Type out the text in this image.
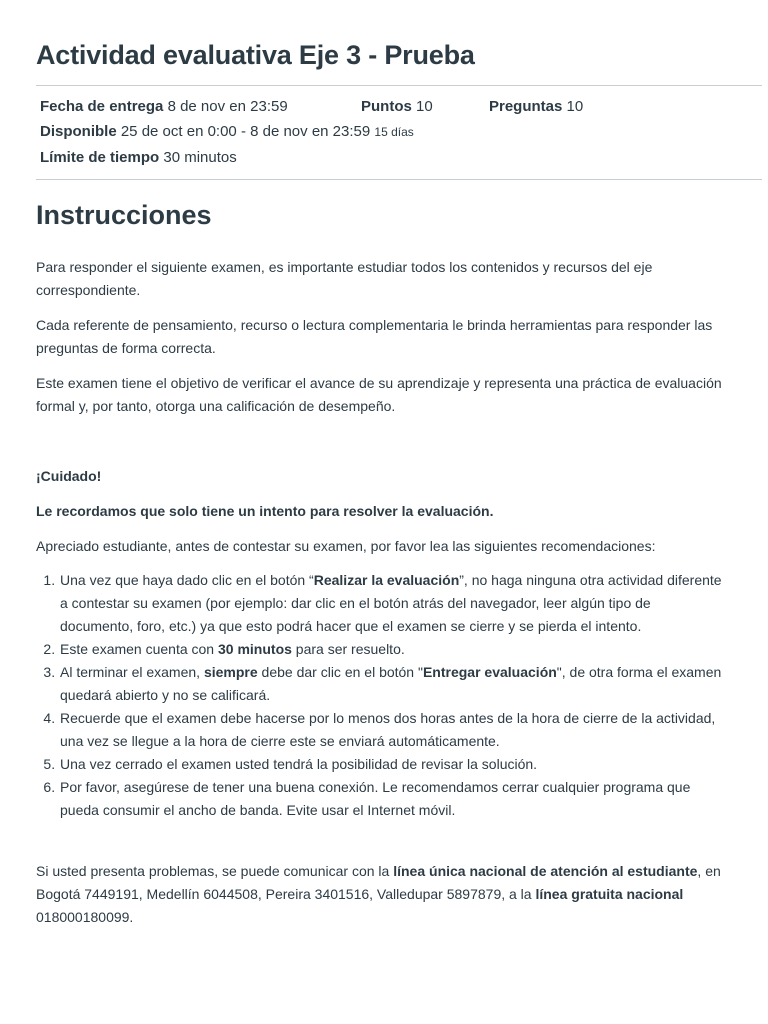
Actividad evaluativa Eje 3 - Prueba
Fecha de entrega 8 de nov en 23:59	Puntos 10	Preguntas 10
Disponible 25 de oct en 0:00 - 8 de nov en 23:59 15 días
Límite de tiempo 30 minutos
Instrucciones

Para responder el siguiente examen, es importante estudiar todos los contenidos y recursos del eje correspondiente.

Cada referente de pensamiento, recurso o lectura complementaria le brinda herramientas para responder las preguntas de forma correcta.

Este examen tiene el objetivo de verificar el avance de su aprendizaje y representa una práctica de evaluación formal y, por tanto, otorga una calificación de desempeño.

¡Cuidado!

Le recordamos que solo tiene un intento para resolver la evaluación.

Apreciado estudiante, antes de contestar su examen, por favor lea las siguientes recomendaciones:

1. Una vez que haya dado clic en el botón “Realizar la evaluación”, no haga ninguna otra actividad diferente a contestar su examen (por ejemplo: dar clic en el botón atrás del navegador, leer algún tipo de documento, foro, etc.) ya que esto podrá hacer que el examen se cierre y se pierda el intento.
2. Este examen cuenta con 30 minutos para ser resuelto.
3. Al terminar el examen, siempre debe dar clic en el botón "Entregar evaluación", de otra forma el examen quedará abierto y no se calificará.
4. Recuerde que el examen debe hacerse por lo menos dos horas antes de la hora de cierre de la actividad, una vez se llegue a la hora de cierre este se enviará automáticamente.
5. Una vez cerrado el examen usted tendrá la posibilidad de revisar la solución.
6. Por favor, asegúrese de tener una buena conexión. Le recomendamos cerrar cualquier programa que pueda consumir el ancho de banda. Evite usar el Internet móvil.

Si usted presenta problemas, se puede comunicar con la línea única nacional de atención al estudiante, en Bogotá 7449191, Medellín 6044508, Pereira 3401516, Valledupar 5897879, a la línea gratuita nacional 018000180099.
